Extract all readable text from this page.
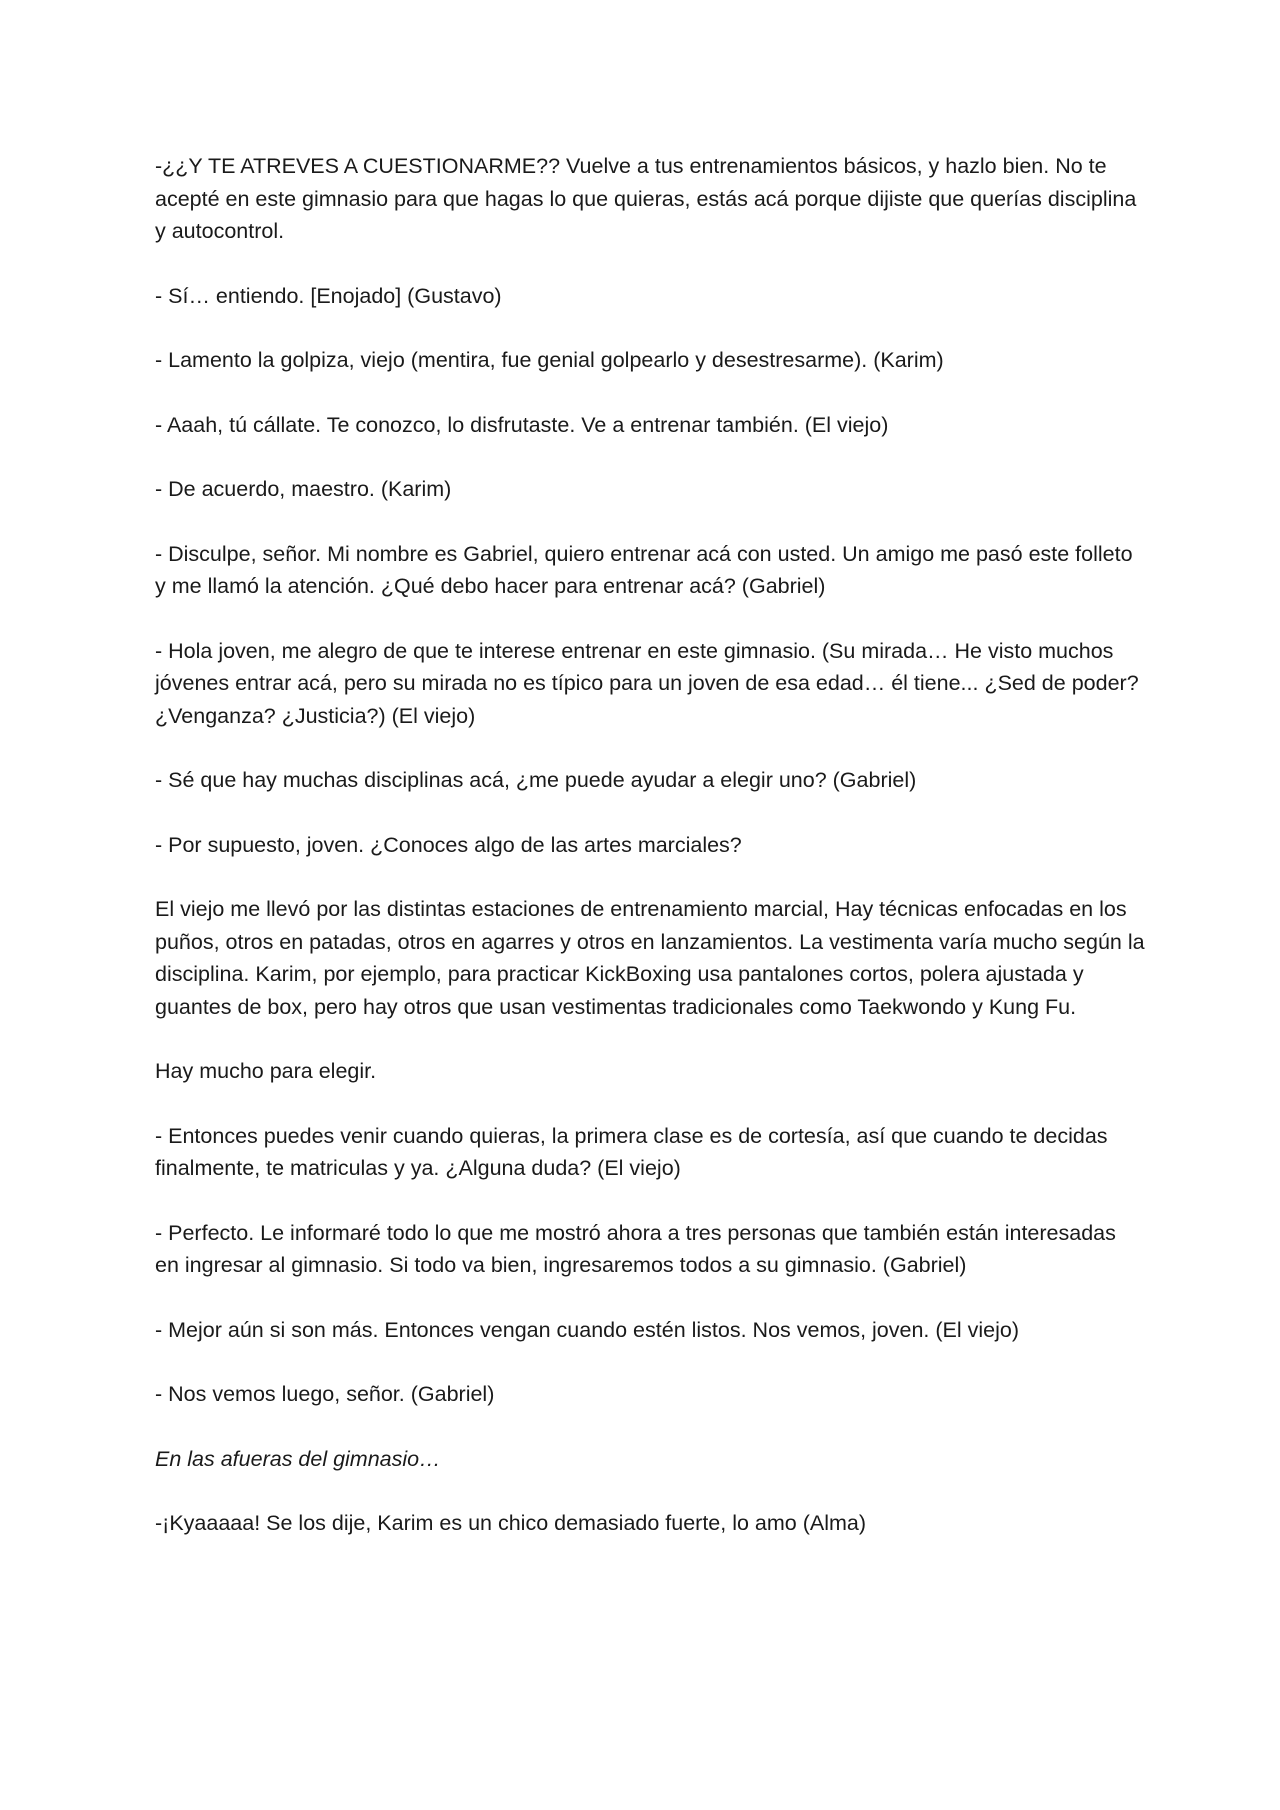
-¿¿Y TE ATREVES A CUESTIONARME?? Vuelve a tus entrenamientos básicos, y hazlo bien. No te acepté en este gimnasio para que hagas lo que quieras, estás acá porque dijiste que querías disciplina y autocontrol.

- Sí… entiendo. [Enojado] (Gustavo)

- Lamento la golpiza, viejo (mentira, fue genial golpearlo y desestresarme). (Karim)

- Aaah, tú cállate. Te conozco, lo disfrutaste. Ve a entrenar también. (El viejo)

- De acuerdo, maestro. (Karim)

- Disculpe, señor. Mi nombre es Gabriel, quiero entrenar acá con usted. Un amigo me pasó este folleto y me llamó la atención. ¿Qué debo hacer para entrenar acá? (Gabriel)

- Hola joven, me alegro de que te interese entrenar en este gimnasio. (Su mirada… He visto muchos jóvenes entrar acá, pero su mirada no es típico para un joven de esa edad… él tiene... ¿Sed de poder? ¿Venganza? ¿Justicia?) (El viejo)

- Sé que hay muchas disciplinas acá, ¿me puede ayudar a elegir uno? (Gabriel)

- Por supuesto, joven. ¿Conoces algo de las artes marciales?

El viejo me llevó por las distintas estaciones de entrenamiento marcial, Hay técnicas enfocadas en los puños, otros en patadas, otros en agarres y otros en lanzamientos. La vestimenta varía mucho según la disciplina. Karim, por ejemplo, para practicar KickBoxing usa pantalones cortos, polera ajustada y guantes de box, pero hay otros que usan vestimentas tradicionales como Taekwondo y Kung Fu.

Hay mucho para elegir.

- Entonces puedes venir cuando quieras, la primera clase es de cortesía, así que cuando te decidas finalmente, te matriculas y ya. ¿Alguna duda? (El viejo)

- Perfecto. Le informaré todo lo que me mostró ahora a tres personas que también están interesadas en ingresar al gimnasio. Si todo va bien, ingresaremos todos a su gimnasio. (Gabriel)

- Mejor aún si son más. Entonces vengan cuando estén listos. Nos vemos, joven. (El viejo)

- Nos vemos luego, señor. (Gabriel)

En las afueras del gimnasio…

-¡Kyaaaaa! Se los dije, Karim es un chico demasiado fuerte, lo amo (Alma)
